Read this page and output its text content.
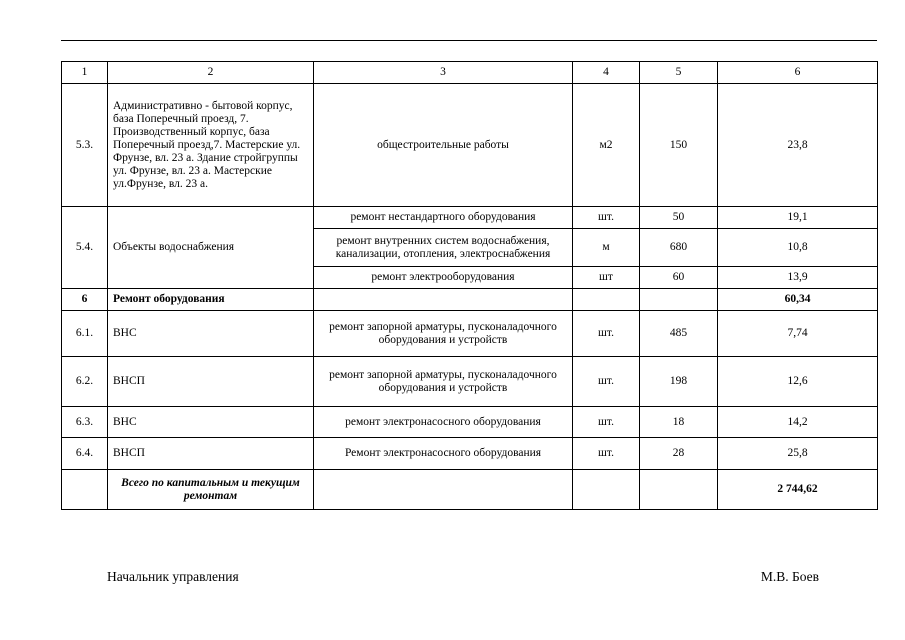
1	2	3	4	5	6
5.3.	Административно - бытовой корпус, база Поперечный проезд, 7. Производственный корпус, база Поперечный проезд,7. Мастерские ул. Фрунзе, вл. 23 а. Здание стройгруппы ул. Фрунзе, вл. 23 а. Мастерские ул.Фрунзе, вл. 23 а.	общестроительные работы	м2	150	23,8
5.4.	Объекты водоснабжения	ремонт нестандартного оборудования	шт.	50	19,1
		ремонт внутренних систем водоснабжения, канализации, отопления, электроснабжения	м	680	10,8
		ремонт электрооборудования	шт	60	13,9
6	Ремонт оборудования				60,34
6.1.	ВНС	ремонт запорной арматуры, пусконаладочного оборудования и устройств	шт.	485	7,74
6.2.	ВНСП	ремонт запорной арматуры, пусконаладочного оборудования и устройств	шт.	198	12,6
6.3.	ВНС	ремонт электронасосного оборудования	шт.	18	14,2
6.4.	ВНСП	Ремонт электронасосного оборудования	шт.	28	25,8
	Всего по капитальным и текущим ремонтам				2 744,62
Начальник управления	М.В. Боев
